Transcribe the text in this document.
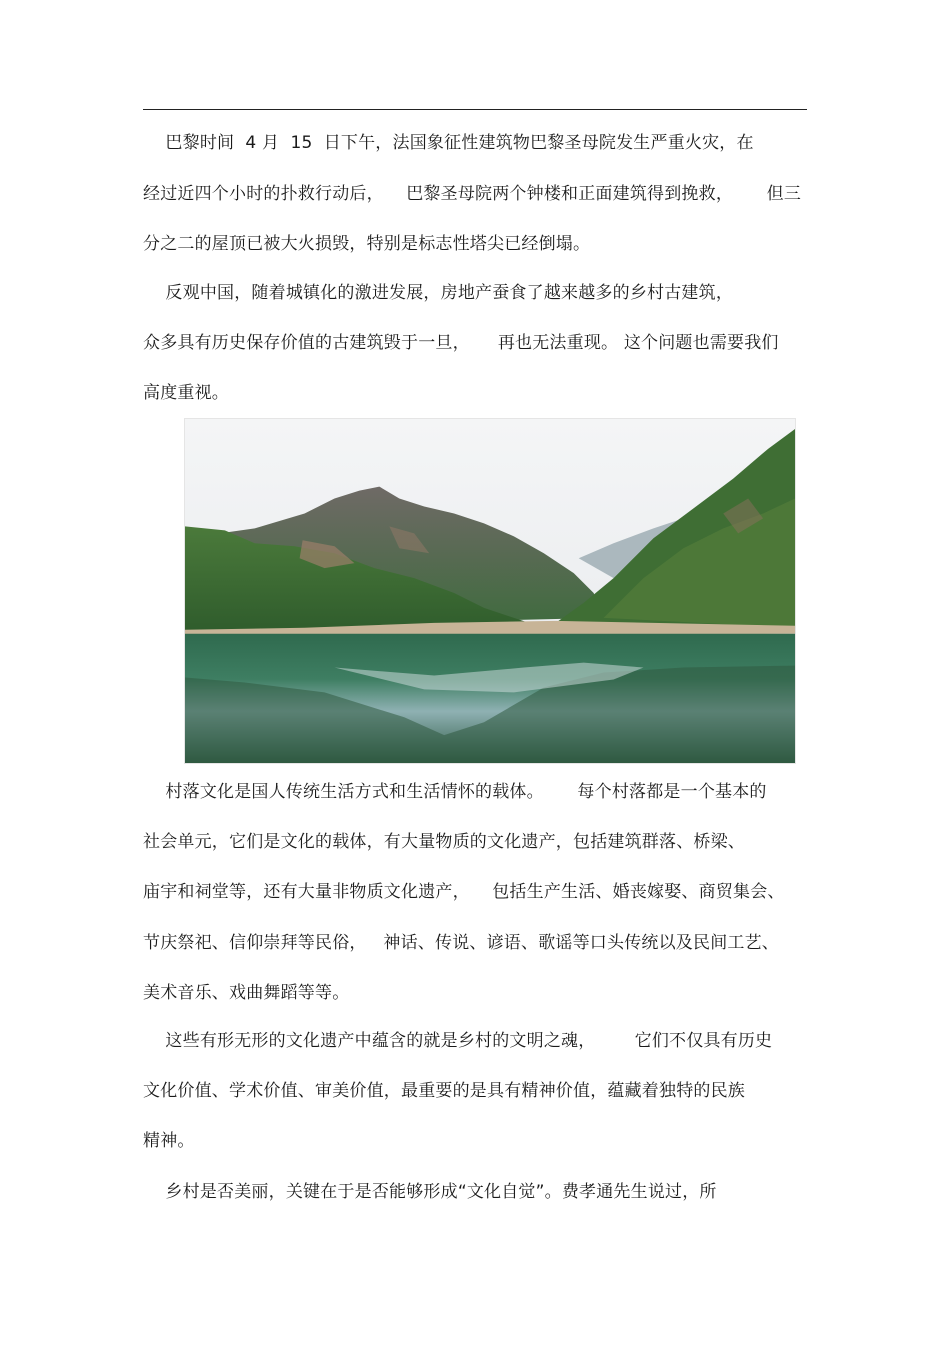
巴黎时间  4 月  15  日下午，法国象征性建筑物巴黎圣母院发生严重火灾，在
经过近四个小时的扑救行动后，    巴黎圣母院两个钟楼和正面建筑得到挽救，      但三
分之二的屋顶已被大火损毁，特别是标志性塔尖已经倒塌。
反观中国，随着城镇化的激进发展，房地产蚕食了越来越多的乡村古建筑，
众多具有历史保存价值的古建筑毁于一旦，     再也无法重现。 这个问题也需要我们
高度重视。
村落文化是国人传统生活方式和生活情怀的载体。      每个村落都是一个基本的
社会单元，它们是文化的载体，有大量物质的文化遗产，包括建筑群落、桥梁、
庙宇和祠堂等，还有大量非物质文化遗产，    包括生产生活、婚丧嫁娶、商贸集会、
节庆祭祀、信仰崇拜等民俗，   神话、传说、谚语、歌谣等口头传统以及民间工艺、
美术音乐、戏曲舞蹈等等。
这些有形无形的文化遗产中蕴含的就是乡村的文明之魂，       它们不仅具有历史
文化价值、学术价值、审美价值，最重要的是具有精神价值，蕴藏着独特的民族
精神。
乡村是否美丽，关键在于是否能够形成“文化自觉”。费孝通先生说过，所
